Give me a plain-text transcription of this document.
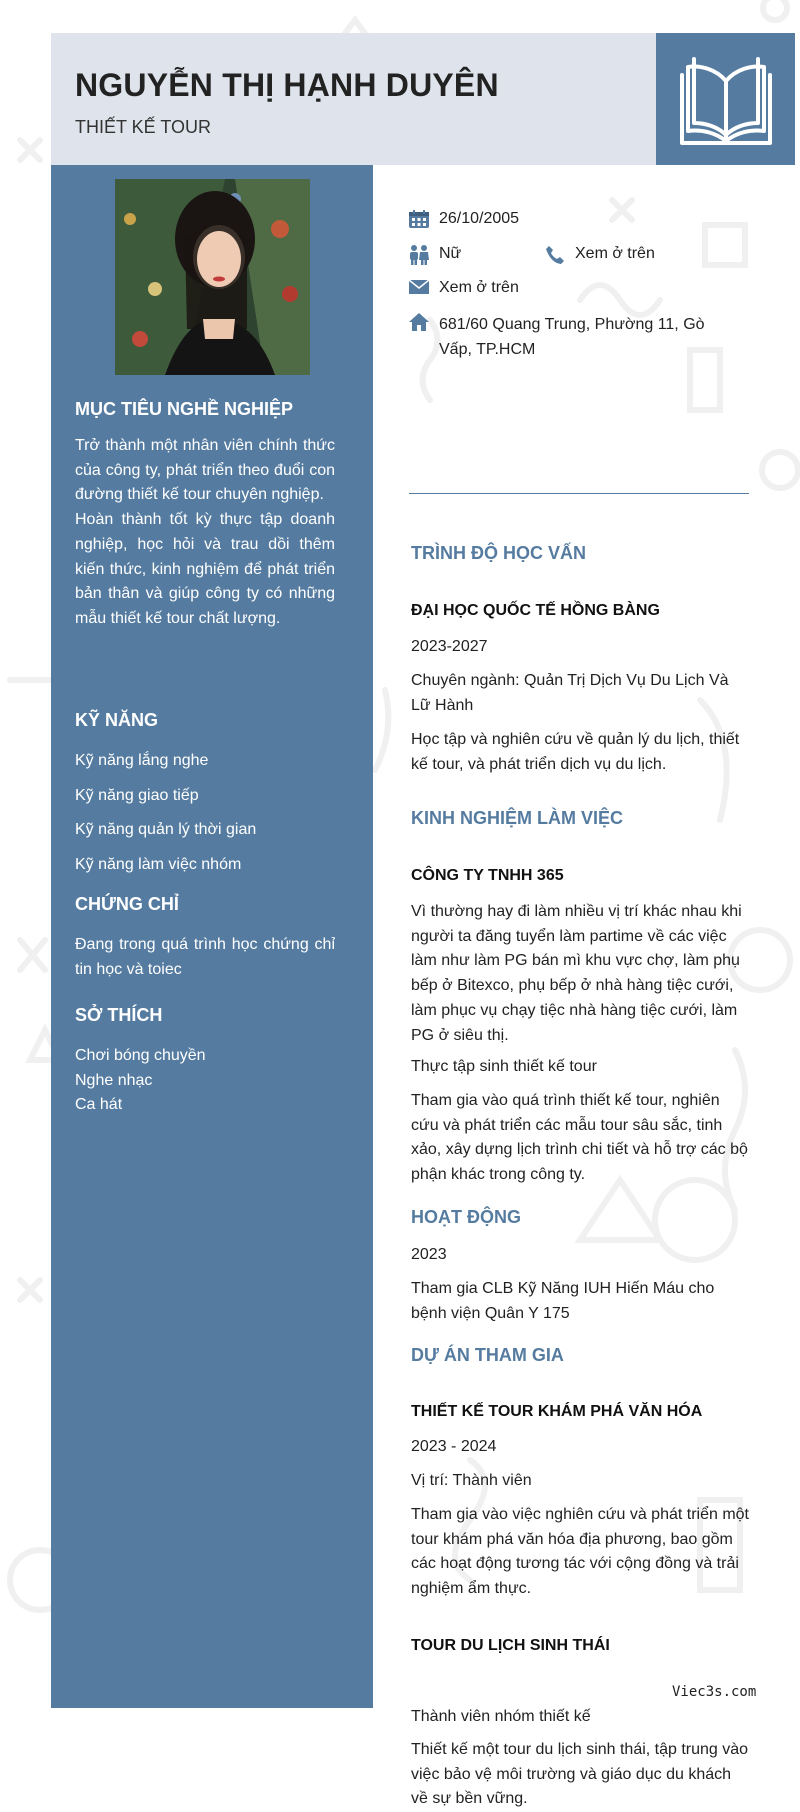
NGUYỄN THỊ HẠNH DUYÊN
THIẾT KẾ TOUR
MỤC TIÊU NGHỀ NGHIỆP
Trở thành một nhân viên chính thức của công ty, phát triển theo đuổi con đường thiết kế tour chuyên nghiệp.
Hoàn thành tốt kỳ thực tập doanh nghiệp, học hỏi và trau dồi thêm kiến thức, kinh nghiệm để phát triển bản thân và giúp công ty có những mẫu thiết kế tour chất lượng.
KỸ NĂNG
Kỹ năng lắng nghe
Kỹ năng giao tiếp
Kỹ năng quản lý thời gian
Kỹ năng làm việc nhóm
CHỨNG CHỈ
Đang trong quá trình học chứng chỉ tin học và toiec
SỞ THÍCH
Chơi bóng chuyền
Nghe nhạc
Ca hát
26/10/2005
Nữ	Xem ở trên
Xem ở trên
681/60 Quang Trung, Phường 11, Gò Vấp, TP.HCM
TRÌNH ĐỘ HỌC VẤN
ĐẠI HỌC QUỐC TẾ HỒNG BÀNG
2023-2027
Chuyên ngành: Quản Trị Dịch Vụ Du Lịch Và Lữ Hành
Học tập và nghiên cứu về quản lý du lịch, thiết kế tour, và phát triển dịch vụ du lịch.
KINH NGHIỆM LÀM VIỆC
CÔNG TY TNHH 365
Vì thường hay đi làm nhiều vị trí khác nhau khi người ta đăng tuyển làm partime về các việc làm như làm PG bán mì khu vực chợ, làm phụ bếp ở Bitexco, phụ bếp ở nhà hàng tiệc cưới, làm phục vụ chạy tiệc nhà hàng tiệc cưới, làm PG ở siêu thị.
Thực tập sinh thiết kế tour
Tham gia vào quá trình thiết kế tour, nghiên cứu và phát triển các mẫu tour sâu sắc, tinh xảo, xây dựng lịch trình chi tiết và hỗ trợ các bộ phận khác trong công ty.
HOẠT ĐỘNG
2023
Tham gia CLB Kỹ Năng IUH Hiến Máu cho bệnh viện Quân Y 175
DỰ ÁN THAM GIA
THIẾT KẾ TOUR KHÁM PHÁ VĂN HÓA
2023 - 2024
Vị trí: Thành viên
Tham gia vào việc nghiên cứu và phát triển một tour khám phá văn hóa địa phương, bao gồm các hoạt động tương tác với cộng đồng và trải nghiệm ẩm thực.
TOUR DU LỊCH SINH THÁI
Thành viên nhóm thiết kế
Thiết kế một tour du lịch sinh thái, tập trung vào việc bảo vệ môi trường và giáo dục du khách về sự bền vững.
Viec3s.com
